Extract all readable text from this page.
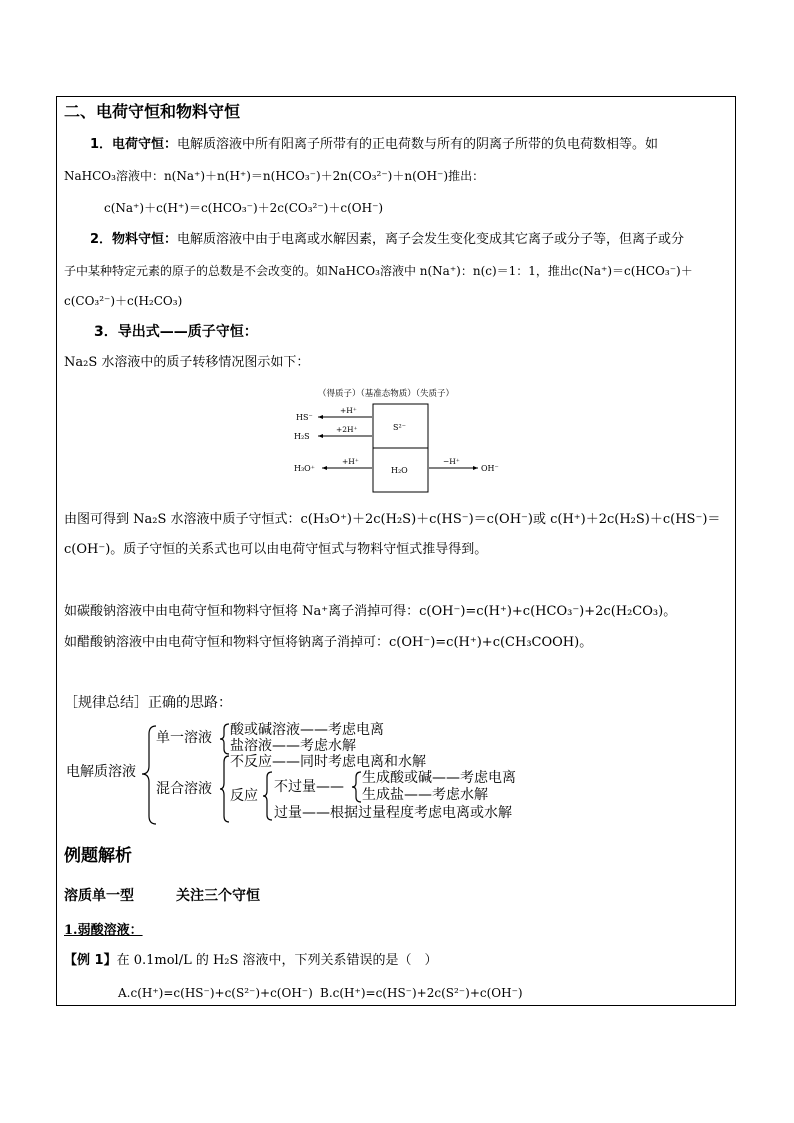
二、电荷守恒和物料守恒
1．电荷守恒：电解质溶液中所有阳离子所带有的正电荷数与所有的阴离子所带的负电荷数相等。如
NaHCO₃溶液中：n(Na⁺)＋n(H⁺)＝n(HCO₃⁻)＋2n(CO₃²⁻)＋n(OH⁻)推出：
c(Na⁺)＋c(H⁺)＝c(HCO₃⁻)＋2c(CO₃²⁻)＋c(OH⁻)
2．物料守恒：电解质溶液中由于电离或水解因素，离子会发生变化变成其它离子或分子等，但离子或分
子中某种特定元素的原子的总数是不会改变的。如NaHCO₃溶液中 n(Na⁺)：n(c)＝1：1，推出c(Na⁺)＝c(HCO₃⁻)＋
c(CO₃²⁻)＋c(H₂CO₃)
3．导出式——质子守恒：
Na₂S 水溶液中的质子转移情况图示如下：
（得质子）（基准态物质）（失质子）
S²⁻
H₂O
+H⁺
HS⁻
+2H⁺
H₂S
+H⁺
H₃O⁺
−H⁺
OH⁻
由图可得到 Na₂S 水溶液中质子守恒式：c(H₃O⁺)＋2c(H₂S)＋c(HS⁻)＝c(OH⁻)或 c(H⁺)＋2c(H₂S)＋c(HS⁻)＝
c(OH⁻)。质子守恒的关系式也可以由电荷守恒式与物料守恒式推导得到。
如碳酸钠溶液中由电荷守恒和物料守恒将 Na⁺离子消掉可得：c(OH⁻)=c(H⁺)+c(HCO₃⁻)+2c(H₂CO₃)。
如醋酸钠溶液中由电荷守恒和物料守恒将钠离子消掉可：c(OH⁻)=c(H⁺)+c(CH₃COOH)。
［规律总结］正确的思路：
电解质溶液
单一溶液 酸或碱溶液——考虑电离
盐溶液——考虑水解
混合溶液
不反应——同时考虑电离和水解
反应
不过量——
生成酸或碱——考虑电离
生成盐——考虑水解
过量——根据过量程度考虑电离或水解
例题解析
溶质单一型	关注三个守恒
1.弱酸溶液：
【例 1】在 0.1mol/L 的 H₂S 溶液中，下列关系错误的是（　）
A.c(H⁺)=c(HS⁻)+c(S²⁻)+c(OH⁻) B.c(H⁺)=c(HS⁻)+2c(S²⁻)+c(OH⁻)
